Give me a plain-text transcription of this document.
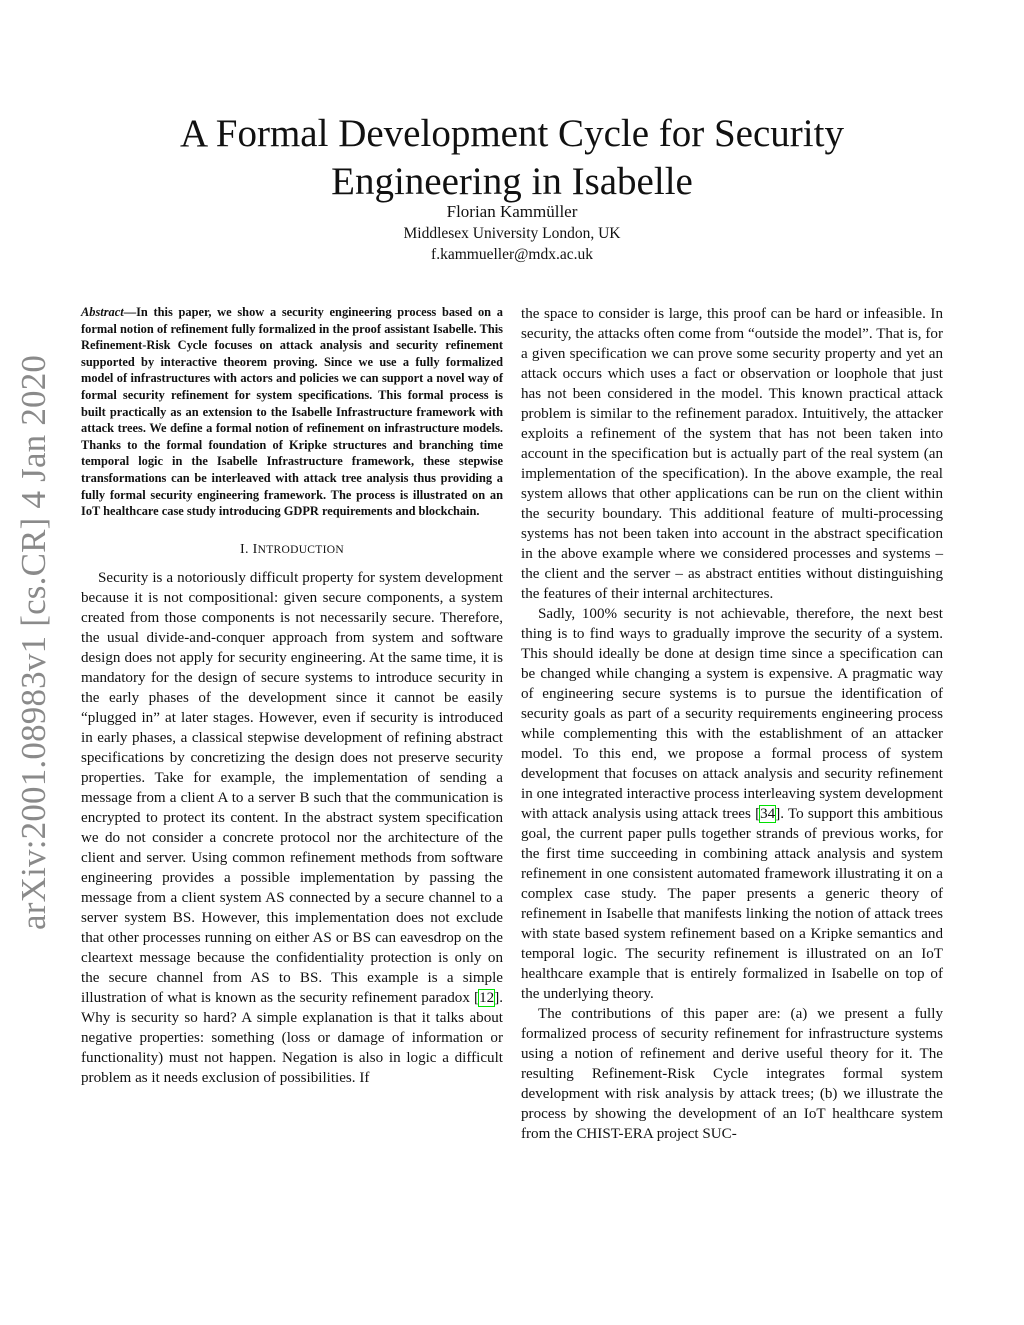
arXiv:2001.08983v1 [cs.CR] 4 Jan 2020
A Formal Development Cycle for Security Engineering in Isabelle
Florian Kammüller
Middlesex University London, UK
f.kammueller@mdx.ac.uk

Abstract—In this paper, we show a security engineering process based on a formal notion of refinement fully formalized in the proof assistant Isabelle. This Refinement-Risk Cycle focuses on attack analysis and security refinement supported by interactive theorem proving. Since we use a fully formalized model of infrastructures with actors and policies we can support a novel way of formal security refinement for system specifications. This formal process is built practically as an extension to the Isabelle Infrastructure framework with attack trees. We define a formal notion of refinement on infrastructure models. Thanks to the formal foundation of Kripke structures and branching time temporal logic in the Isabelle Infrastructure framework, these stepwise transformations can be interleaved with attack tree analysis thus providing a fully formal security engineering framework. The process is illustrated on an IoT healthcare case study introducing GDPR requirements and blockchain.

I. INTRODUCTION

Security is a notoriously difficult property for system development because it is not compositional: given secure components, a system created from those components is not necessarily secure. Therefore, the usual divide-and-conquer approach from system and software design does not apply for security engineering. At the same time, it is mandatory for the design of secure systems to introduce security in the early phases of the development since it cannot be easily “plugged in” at later stages. However, even if security is introduced in early phases, a classical stepwise development of refining abstract specifications by concretizing the design does not preserve security properties. Take for example, the implementation of sending a message from a client A to a server B such that the communication is encrypted to protect its content. In the abstract system specification we do not consider a concrete protocol nor the architecture of the client and server. Using common refinement methods from software engineering provides a possible implementation by passing the message from a client system AS connected by a secure channel to a server system BS. However, this implementation does not exclude that other processes running on either AS or BS can eavesdrop on the cleartext message because the confidentiality protection is only on the secure channel from AS to BS. This example is a simple illustration of what is known as the security refinement paradox [12]. Why is security so hard? A simple explanation is that it talks about negative properties: something (loss or damage of information or functionality) must not happen. Negation is also in logic a difficult problem as it needs exclusion of possibilities. If

the space to consider is large, this proof can be hard or infeasible. In security, the attacks often come from “outside the model”. That is, for a given specification we can prove some security property and yet an attack occurs which uses a fact or observation or loophole that just has not been considered in the model. This known practical attack problem is similar to the refinement paradox. Intuitively, the attacker exploits a refinement of the system that has not been taken into account in the specification but is actually part of the real system (an implementation of the specification). In the above example, the real system allows that other applications can be run on the client within the security boundary. This additional feature of multi-processing systems has not been taken into account in the abstract specification in the above example where we considered processes and systems – the client and the server – as abstract entities without distinguishing the features of their internal architectures.

Sadly, 100% security is not achievable, therefore, the next best thing is to find ways to gradually improve the security of a system. This should ideally be done at design time since a specification can be changed while changing a system is expensive. A pragmatic way of engineering secure systems is to pursue the identification of security goals as part of a security requirements engineering process while complementing this with the establishment of an attacker model. To this end, we propose a formal process of system development that focuses on attack analysis and security refinement in one integrated interactive process interleaving system development with attack analysis using attack trees [34]. To support this ambitious goal, the current paper pulls together strands of previous works, for the first time succeeding in combining attack analysis and system refinement in one consistent automated framework illustrating it on a complex case study. The paper presents a generic theory of refinement in Isabelle that manifests linking the notion of attack trees with state based system refinement based on a Kripke semantics and temporal logic. The security refinement is illustrated on an IoT healthcare example that is entirely formalized in Isabelle on top of the underlying theory.

The contributions of this paper are: (a) we present a fully formalized process of security refinement for infrastructure systems using a notion of refinement and derive useful theory for it. The resulting Refinement-Risk Cycle integrates formal system development with risk analysis by attack trees; (b) we illustrate the process by showing the development of an IoT healthcare system from the CHIST-ERA project SUC-
